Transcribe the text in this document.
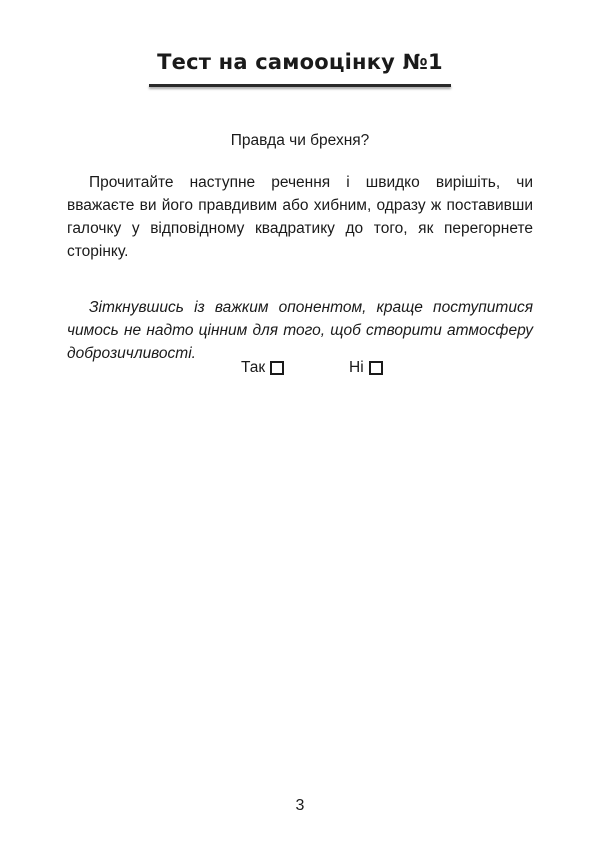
Тест на самооцінку №1
Правда чи брехня?

Прочитайте наступне речення і швидко вирішіть, чи вважаєте ви його правдивим або хибним, одразу ж поставивши галочку у відповідному квадратику до того, як перегорнете сторінку.

Зіткнувшись із важким опонентом, краще поступитися чимось не надто цінним для того, щоб створити атмосферу доброзичливості.

Так	Ні
3
